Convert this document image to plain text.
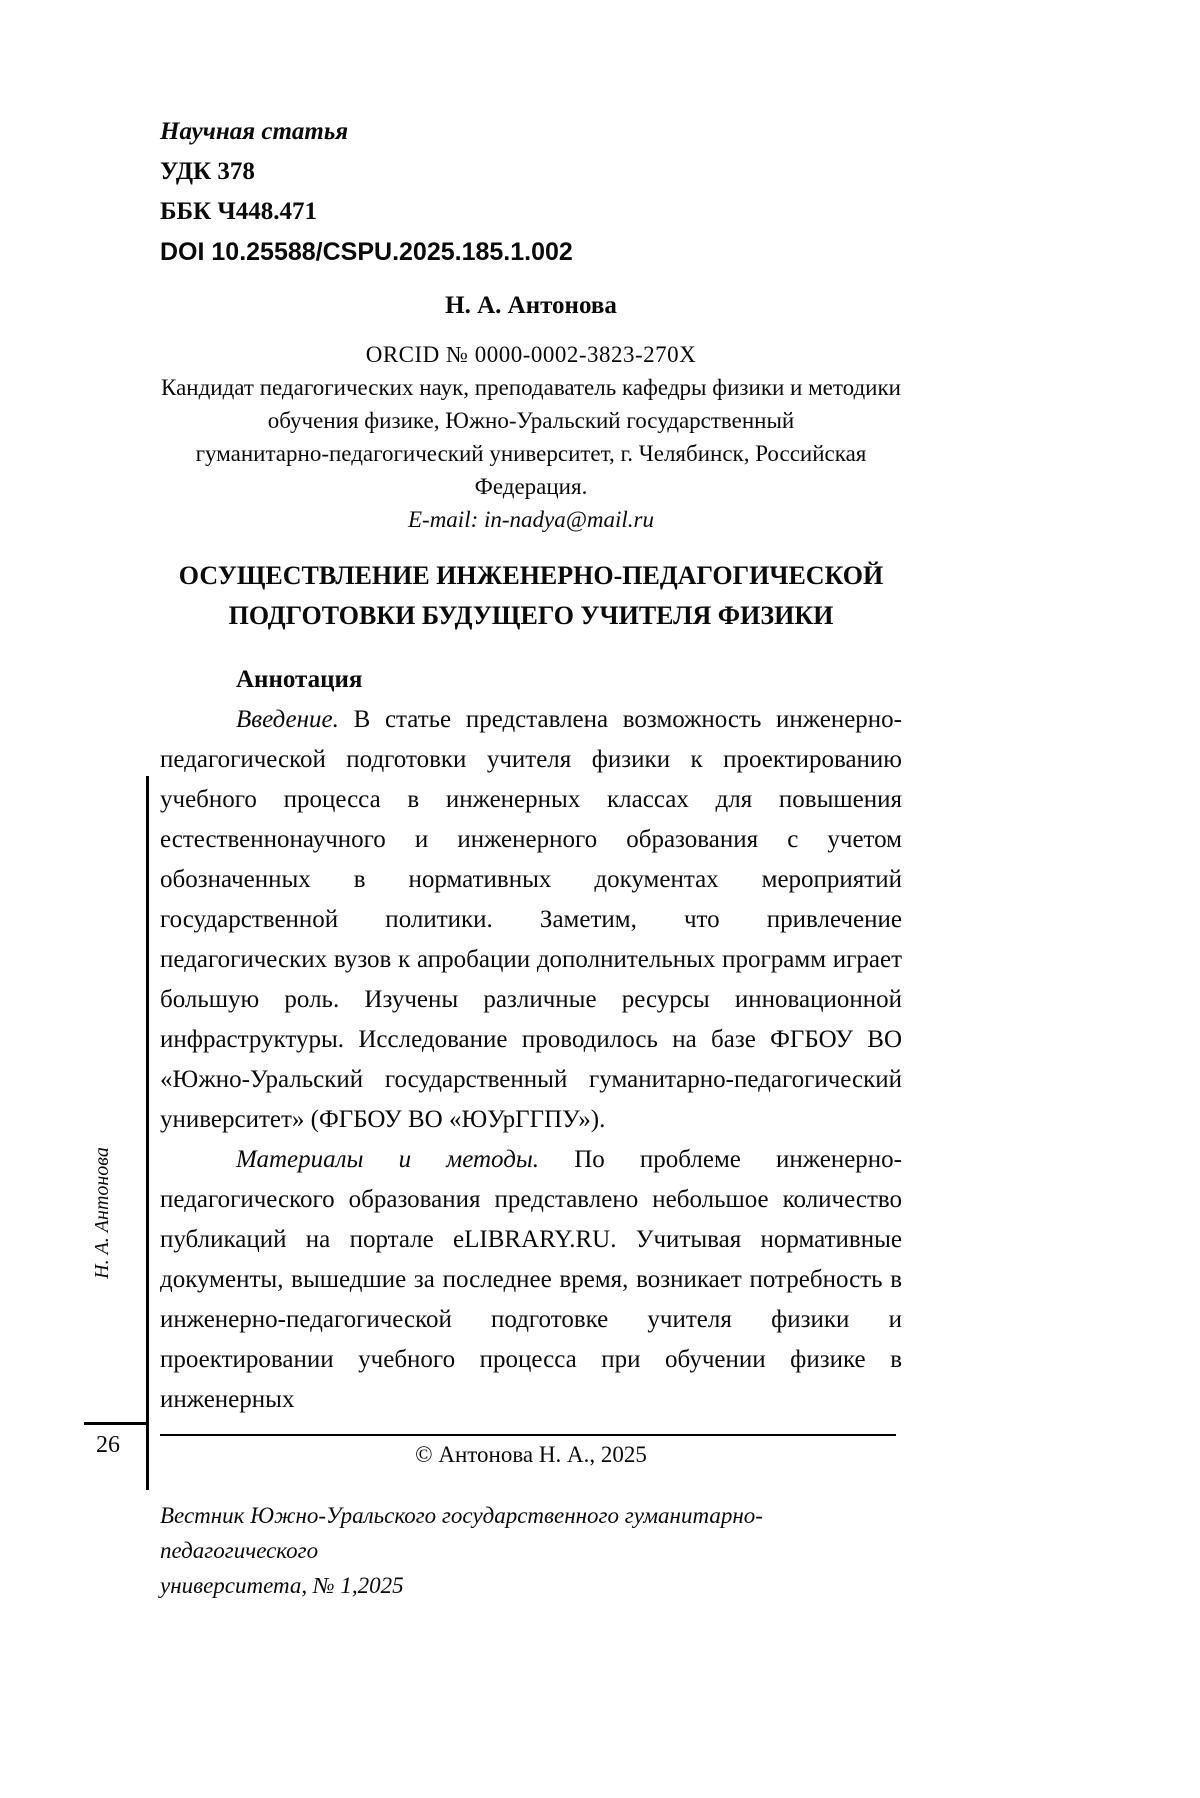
Научная статья
УДК 378
ББК Ч448.471
DOI 10.25588/CSPU.2025.185.1.002
Н. А. Антонова
ORCID № 0000-0002-3823-270X
Кандидат педагогических наук, преподаватель кафедры физики и методики
обучения физике, Южно-Уральский государственный
гуманитарно-педагогический университет, г. Челябинск, Российская Федерация.
E-mail: in-nadya@mail.ru
ОСУЩЕСТВЛЕНИЕ ИНЖЕНЕРНО-ПЕДАГОГИЧЕСКОЙ
ПОДГОТОВКИ БУДУЩЕГО УЧИТЕЛЯ ФИЗИКИ
Аннотация

Введение. В статье представлена возможность инженерно-педагогической подготовки учителя физики к проектированию учебного процесса в инженерных классах для повышения естественнонаучного и инженерного образования с учетом обозначенных в нормативных документах мероприятий государственной политики. Заметим, что привлечение педагогических вузов к апробации дополнительных программ играет большую роль. Изучены различные ресурсы инновационной инфраструктуры. Исследование проводилось на базе ФГБОУ ВО «Южно-Уральский государственный гуманитарно-педагогический университет» (ФГБОУ ВО «ЮУрГГПУ»).

Материалы и методы. По проблеме инженерно-педагогического образования представлено небольшое количество публикаций на портале eLIBRARY.RU. Учитывая нормативные документы, вышедшие за последнее время, возникает потребность в инженерно-педагогической подготовке учителя физики и проектировании учебного процесса при обучении физике в инженерных

© Антонова Н. А., 2025
Вестник Южно-Уральского государственного гуманитарно-педагогического
университета, № 1,2025
Н. А. Антонова
26
